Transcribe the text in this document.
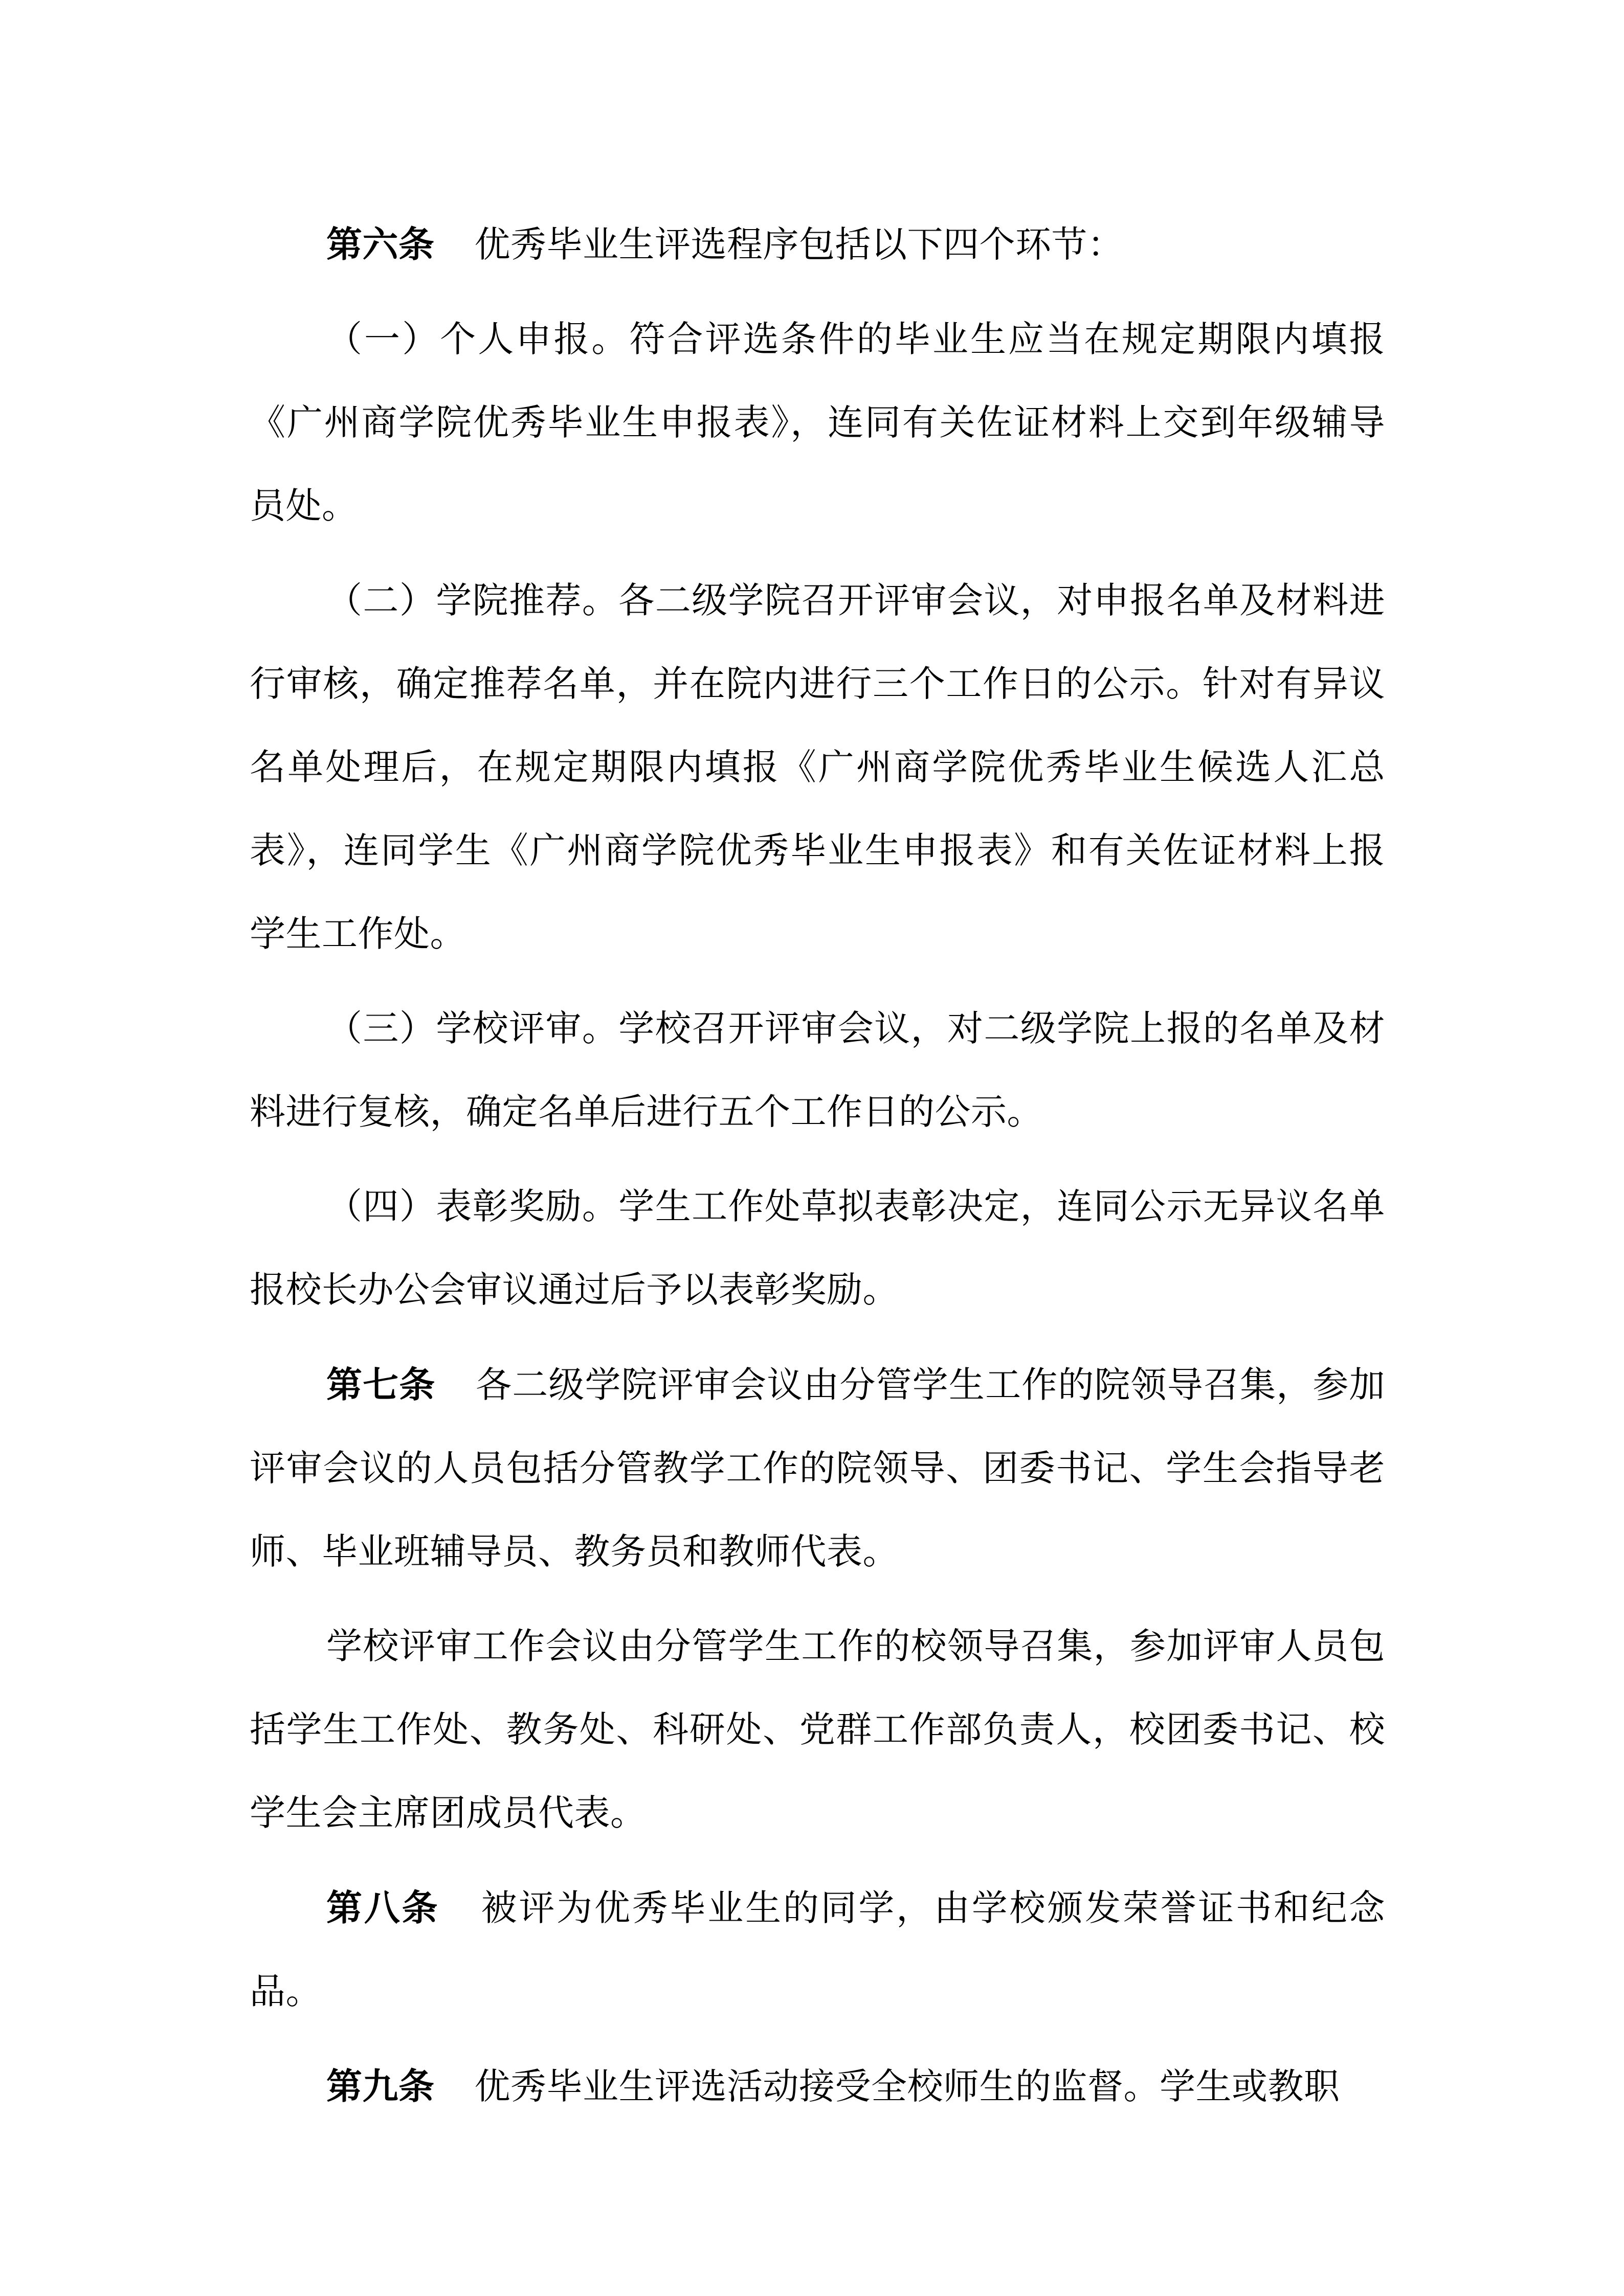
第六条 优秀毕业生评选程序包括以下四个环节：

（一）个人申报。符合评选条件的毕业生应当在规定期限内填报《广州商学院优秀毕业生申报表》，连同有关佐证材料上交到年级辅导员处。

（二）学院推荐。各二级学院召开评审会议，对申报名单及材料进行审核，确定推荐名单，并在院内进行三个工作日的公示。针对有异议名单处理后，在规定期限内填报《广州商学院优秀毕业生候选人汇总表》，连同学生《广州商学院优秀毕业生申报表》和有关佐证材料上报学生工作处。

（三）学校评审。学校召开评审会议，对二级学院上报的名单及材料进行复核，确定名单后进行五个工作日的公示。

（四）表彰奖励。学生工作处草拟表彰决定，连同公示无异议名单报校长办公会审议通过后予以表彰奖励。

第七条 各二级学院评审会议由分管学生工作的院领导召集，参加评审会议的人员包括分管教学工作的院领导、团委书记、学生会指导老师、毕业班辅导员、教务员和教师代表。

学校评审工作会议由分管学生工作的校领导召集，参加评审人员包括学生工作处、教务处、科研处、党群工作部负责人，校团委书记、校学生会主席团成员代表。

第八条 被评为优秀毕业生的同学，由学校颁发荣誉证书和纪念品。

第九条 优秀毕业生评选活动接受全校师生的监督。学生或教职
